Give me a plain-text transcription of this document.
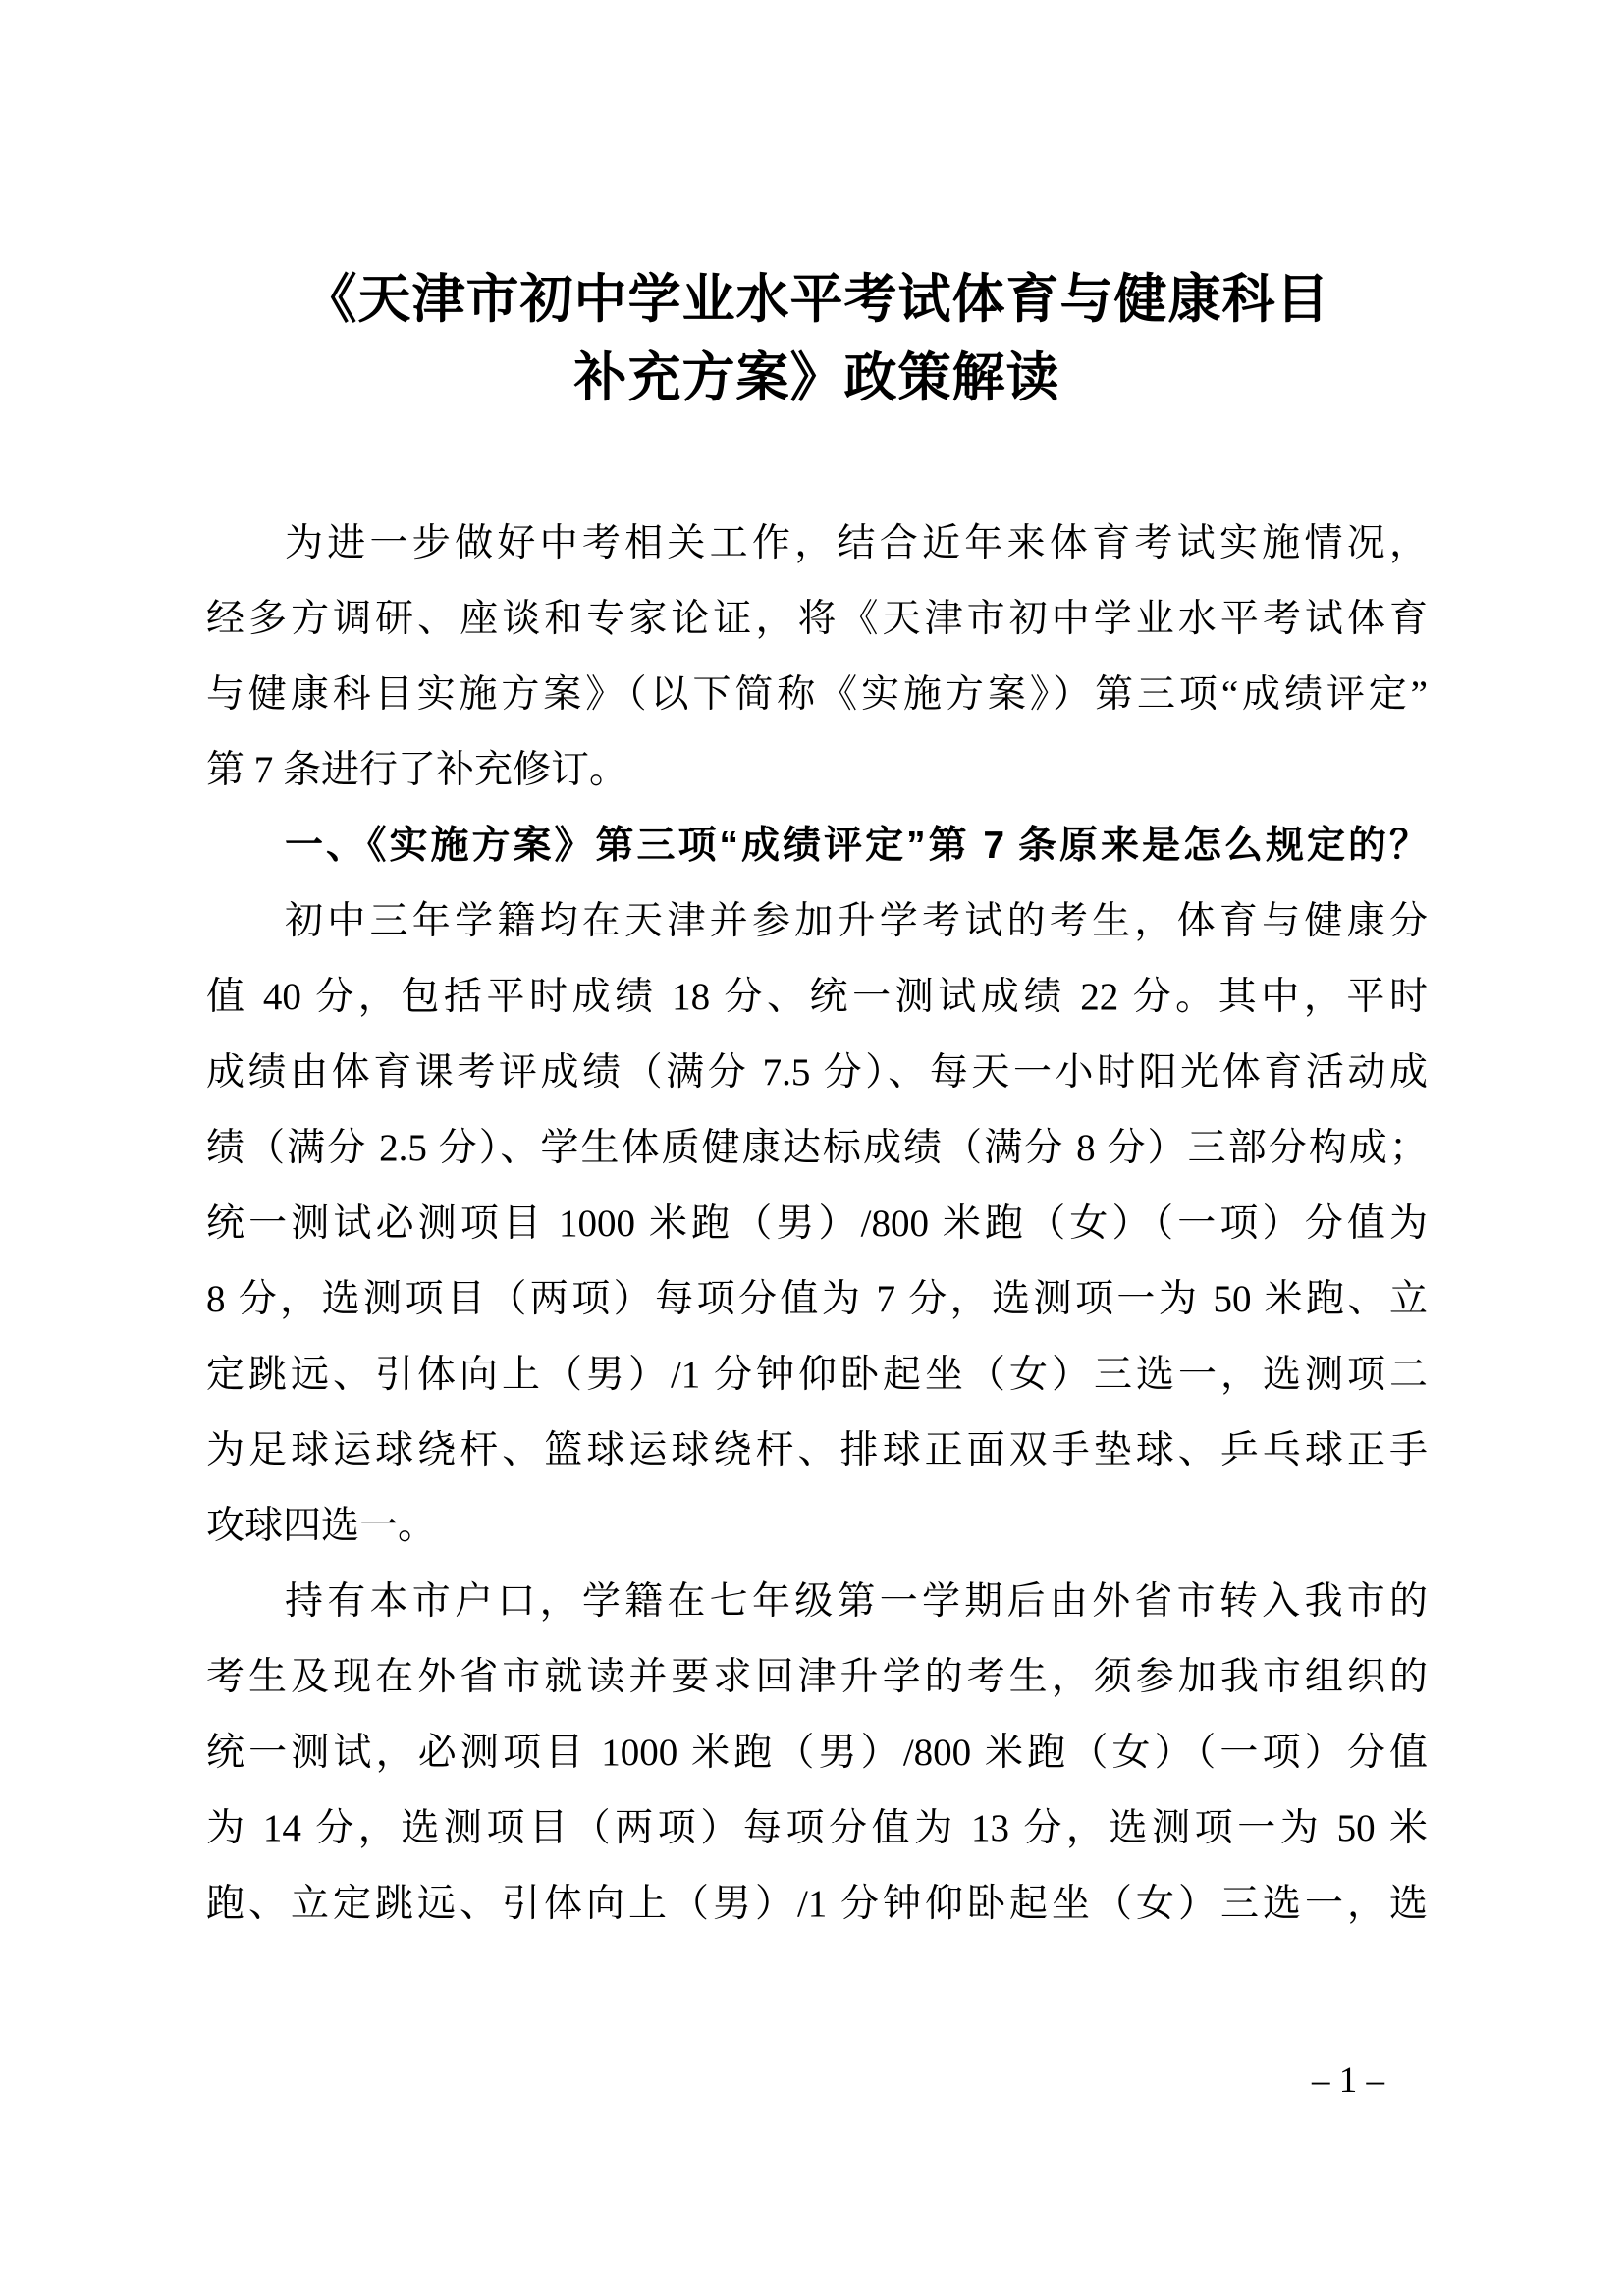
《天津市初中学业水平考试体育与健康科目
补充方案》政策解读
为进一步做好中考相关工作，结合近年来体育考试实施情况，
经多方调研、座谈和专家论证，将《天津市初中学业水平考试体育
与健康科目实施方案》（以下简称《实施方案》）第三项“成绩评定”
第 7 条进行了补充修订。
一、《实施方案》第三项“成绩评定”第 7 条原来是怎么规定的？
初中三年学籍均在天津并参加升学考试的考生，体育与健康分
值 40 分，包括平时成绩 18 分、统一测试成绩 22 分。其中，平时
成绩由体育课考评成绩（满分 7.5 分）、每天一小时阳光体育活动成
绩（满分 2.5 分）、学生体质健康达标成绩（满分 8 分）三部分构成；
统一测试必测项目 1000 米跑（男）/800 米跑（女）（一项）分值为
8 分，选测项目（两项）每项分值为 7 分，选测项一为 50 米跑、立
定跳远、引体向上（男）/1 分钟仰卧起坐（女）三选一，选测项二
为足球运球绕杆、篮球运球绕杆、排球正面双手垫球、乒乓球正手
攻球四选一。
持有本市户口，学籍在七年级第一学期后由外省市转入我市的
考生及现在外省市就读并要求回津升学的考生，须参加我市组织的
统一测试，必测项目 1000 米跑（男）/800 米跑（女）（一项）分值
为 14 分，选测项目（两项）每项分值为 13 分，选测项一为 50 米
跑、立定跳远、引体向上（男）/1 分钟仰卧起坐（女）三选一，选
– 1 –
